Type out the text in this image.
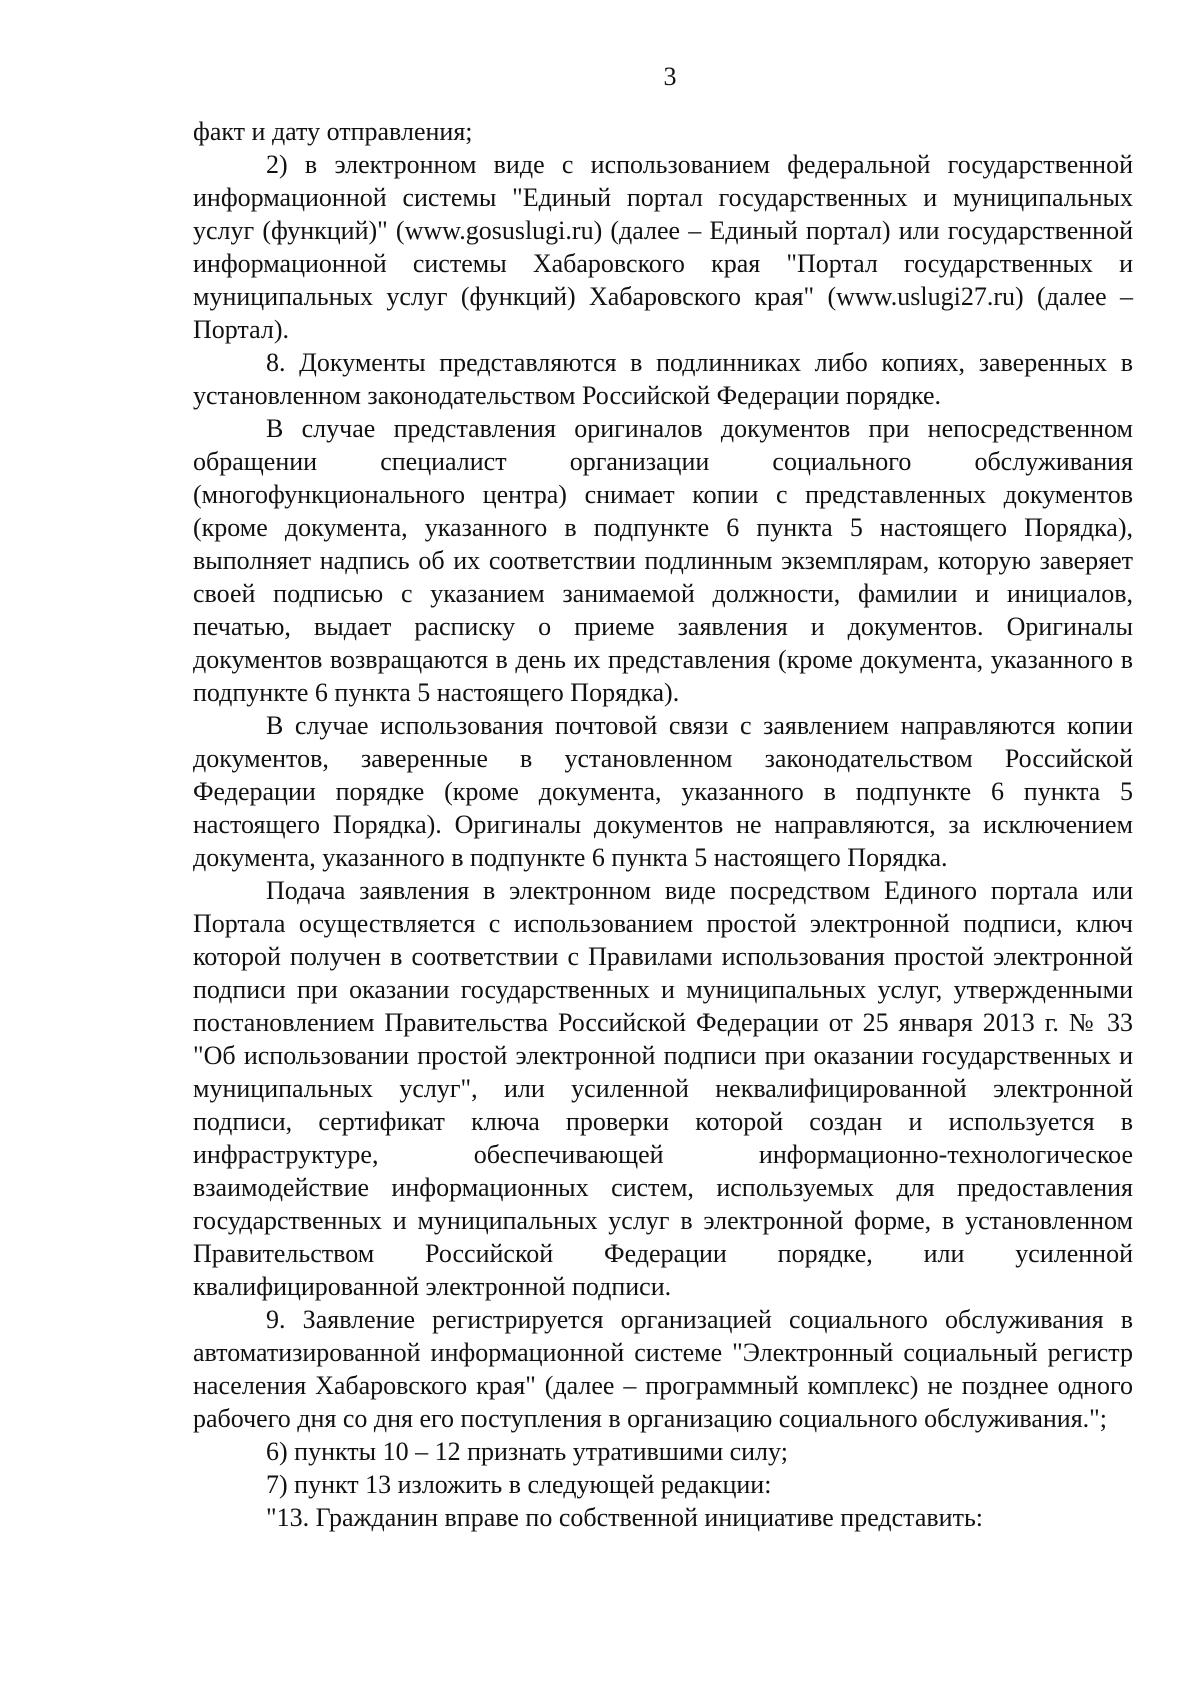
3

факт и дату отправления;

2) в электронном виде с использованием федеральной государственной информационной системы "Единый портал государственных и муниципальных услуг (функций)" (www.gosuslugi.ru) (далее – Единый портал) или государственной информационной системы Хабаровского края "Портал государственных и муниципальных услуг (функций) Хабаровского края" (www.uslugi27.ru) (далее – Портал).

8. Документы представляются в подлинниках либо копиях, заверенных в установленном законодательством Российской Федерации порядке.

В случае представления оригиналов документов при непосредственном обращении специалист организации социального обслуживания (многофункционального центра) снимает копии с представленных документов (кроме документа, указанного в подпункте 6 пункта 5 настоящего Порядка), выполняет надпись об их соответствии подлинным экземплярам, которую заверяет своей подписью с указанием занимаемой должности, фамилии и инициалов, печатью, выдает расписку о приеме заявления и документов. Оригиналы документов возвращаются в день их представления (кроме документа, указанного в подпункте 6 пункта 5 настоящего Порядка).

В случае использования почтовой связи с заявлением направляются копии документов, заверенные в установленном законодательством Российской Федерации порядке (кроме документа, указанного в подпункте 6 пункта 5 настоящего Порядка). Оригиналы документов не направляются, за исключением документа, указанного в подпункте 6 пункта 5 настоящего Порядка.

Подача заявления в электронном виде посредством Единого портала или Портала осуществляется с использованием простой электронной подписи, ключ которой получен в соответствии с Правилами использования простой электронной подписи при оказании государственных и муниципальных услуг, утвержденными постановлением Правительства Российской Федерации от 25 января 2013 г. № 33 "Об использовании простой электронной подписи при оказании государственных и муниципальных услуг", или усиленной неквалифицированной электронной подписи, сертификат ключа проверки которой создан и используется в инфраструктуре, обеспечивающей информационно-технологическое взаимодействие информационных систем, используемых для предоставления государственных и муниципальных услуг в электронной форме, в установленном Правительством Российской Федерации порядке, или усиленной квалифицированной электронной подписи.

9. Заявление регистрируется организацией социального обслуживания в автоматизированной информационной системе "Электронный социальный регистр населения Хабаровского края" (далее – программный комплекс) не позднее одного рабочего дня со дня его поступления в организацию социального обслуживания.";

6) пункты 10 – 12 признать утратившими силу;

7) пункт 13 изложить в следующей редакции:

"13. Гражданин вправе по собственной инициативе представить:
